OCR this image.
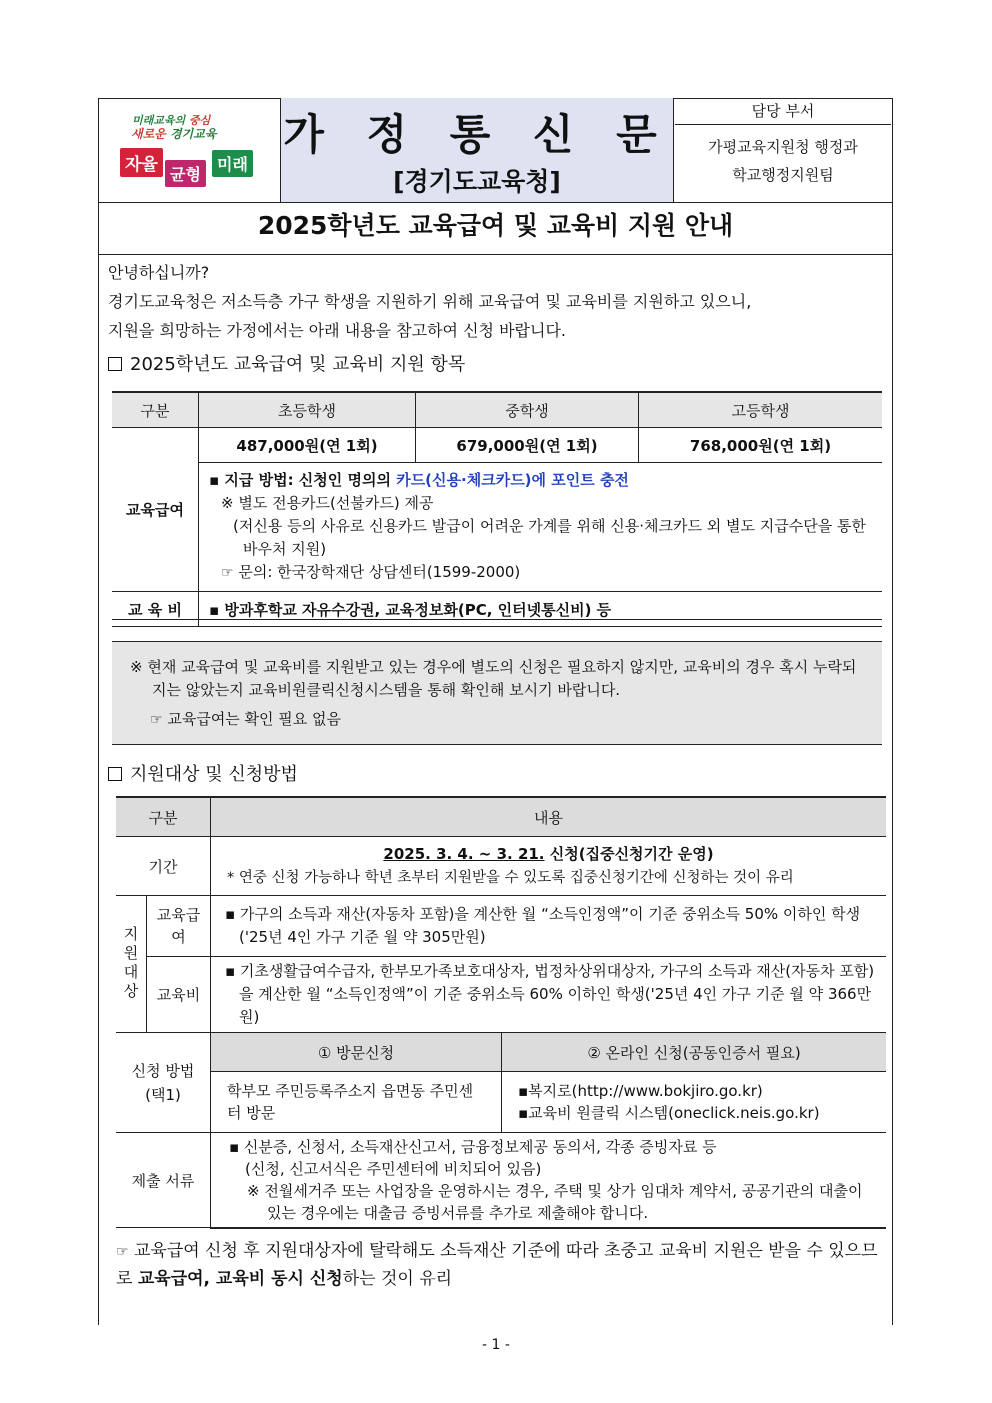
미래교육의 중심
새로운 경기교육
자율 균형
미래
가 정 통 신 문
[경기도교육청]
담당 부서
가평교육지원청 행정과
학교행정지원팀
2025학년도 교육급여 및 교육비 지원 안내
안녕하십니까?
경기도교육청은 저소득층 가구 학생을 지원하기 위해 교육급여 및 교육비를 지원하고 있으니,
지원을 희망하는 가정에서는 아래 내용을 참고하여 신청 바랍니다.
2025학년도 교육급여 및 교육비 지원 항목
구분	초등학생	중학생	고등학생
교육급여	487,000원(연 1회)	679,000원(연 1회)	768,000원(연 1회)

	▪ 지급 방법: 신청인 명의의 카드(신용·체크카드)에 포인트 충전
※ 별도 전용카드(선불카드) 제공
(저신용 등의 사유로 신용카드 발급이 어려운 가계를 위해 신용·체크카드 외 별도 지급수단을 통한 바우처 지원)
☞ 문의: 한국장학재단 상담센터(1599-2000)		

교 육 비	▪ 방과후학교 자유수강권, 교육정보화(PC, 인터넷통신비) 등		
※ 현재 교육급여 및 교육비를 지원받고 있는 경우에 별도의 신청은 필요하지 않지만, 교육비의 경우 혹시 누락되지는 않았는지 교육비원클릭신청시스템을 통해 확인해 보시기 바랍니다.
☞ 교육급여는 확인 필요 없음
지원대상 및 신청방법
구분		내용	
기간		2025. 3. 4. ~ 3. 21. 신청(집중신청기간 운영)
* 연중 신청 가능하나 학년 초부터 지원받을 수 있도록 집중신청기간에 신청하는 것이 유리	

지원대상	교육급여	▪ 가구의 소득과 재산(자동차 포함)을 계산한 월 “소득인정액”이 기준 중위소득 50% 이하인 학생 ('25년 4인 가구 기준 월 약 305만원)	
	교육비	▪ 기초생활급여수급자, 한부모가족보호대상자, 법정차상위대상자, 가구의 소득과 재산(자동차 포함)을 계산한 월 “소득인정액”이 기준 중위소득 60% 이하인 학생('25년 4인 가구 기준 월 약 366만원)	
신청 방법 (택1)		① 방문신청	② 온라인 신청(공동인증서 필요)
		학부모 주민등록주소지 읍면동 주민센터 방문	▪복지로(http://www.bokjiro.go.kr)
▪교육비 원클릭 시스템(oneclick.neis.go.kr)

제출 서류		▪ 신분증, 신청서, 소득재산신고서, 금융정보제공 동의서, 각종 증빙자료 등
(신청, 신고서식은 주민센터에 비치되어 있음)
※ 전월세거주 또는 사업장을 운영하시는 경우, 주택 및 상가 임대차 계약서, 공공기관의 대출이 있는 경우에는 대출금 증빙서류를 추가로 제출해야 합니다.	
☞ 교육급여 신청 후 지원대상자에 탈락해도 소득재산 기준에 따라 초중고 교육비 지원은 받을 수 있으므로 교육급여, 교육비 동시 신청하는 것이 유리
- 1 -
